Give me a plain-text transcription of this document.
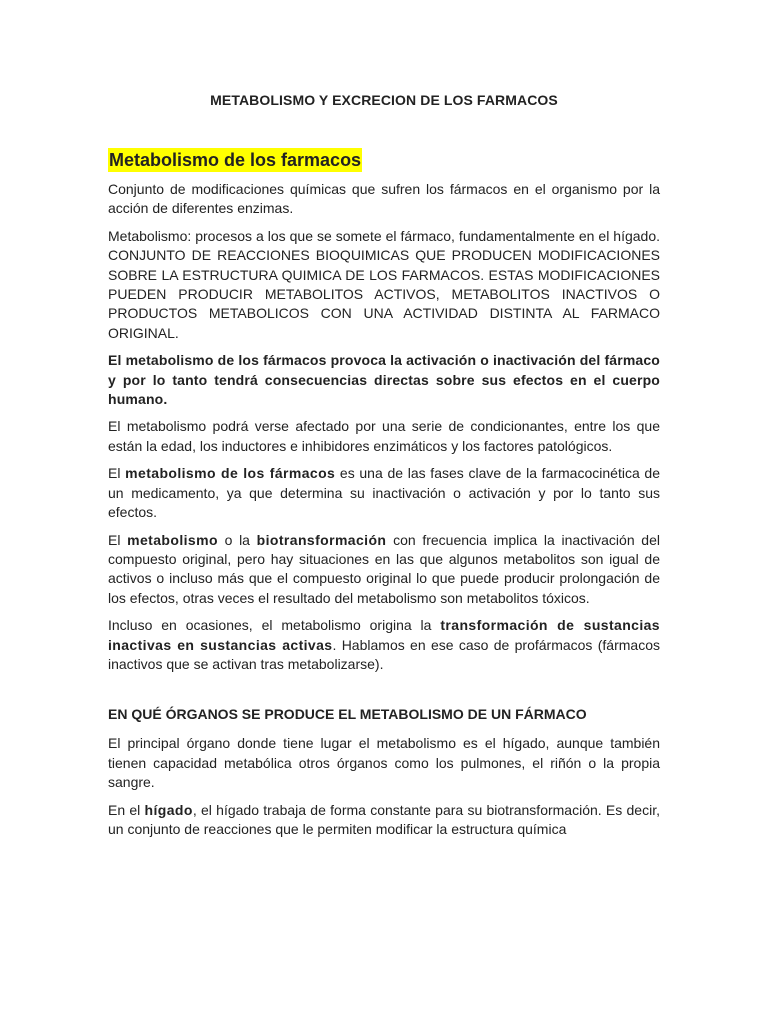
METABOLISMO Y EXCRECION DE LOS FARMACOS
Metabolismo de los farmacos

Conjunto de modificaciones químicas que sufren los fármacos en el organismo por la acción de diferentes enzimas.

Metabolismo: procesos a los que se somete el fármaco, fundamentalmente en el hígado. CONJUNTO DE REACCIONES BIOQUIMICAS QUE PRODUCEN MODIFICACIONES SOBRE LA ESTRUCTURA QUIMICA DE LOS FARMACOS. ESTAS MODIFICACIONES PUEDEN PRODUCIR METABOLITOS ACTIVOS, METABOLITOS INACTIVOS O PRODUCTOS METABOLICOS CON UNA ACTIVIDAD DISTINTA AL FARMACO ORIGINAL.

El metabolismo de los fármacos provoca la activación o inactivación del fármaco y por lo tanto tendrá consecuencias directas sobre sus efectos en el cuerpo humano.

El metabolismo podrá verse afectado por una serie de condicionantes, entre los que están la edad, los inductores e inhibidores enzimáticos y los factores patológicos.

El metabolismo de los fármacos es una de las fases clave de la farmacocinética de un medicamento, ya que determina su inactivación o activación y por lo tanto sus efectos.

El metabolismo o la biotransformación con frecuencia implica la inactivación del compuesto original, pero hay situaciones en las que algunos metabolitos son igual de activos o incluso más que el compuesto original lo que puede producir prolongación de los efectos, otras veces el resultado del metabolismo son metabolitos tóxicos.

Incluso en ocasiones, el metabolismo origina la transformación de sustancias inactivas en sustancias activas. Hablamos en ese caso de profármacos (fármacos inactivos que se activan tras metabolizarse).

EN QUÉ ÓRGANOS SE PRODUCE EL METABOLISMO DE UN FÁRMACO

El principal órgano donde tiene lugar el metabolismo es el hígado, aunque también tienen capacidad metabólica otros órganos como los pulmones, el riñón o la propia sangre.

En el hígado, el hígado trabaja de forma constante para su biotransformación. Es decir, un conjunto de reacciones que le permiten modificar la estructura química
